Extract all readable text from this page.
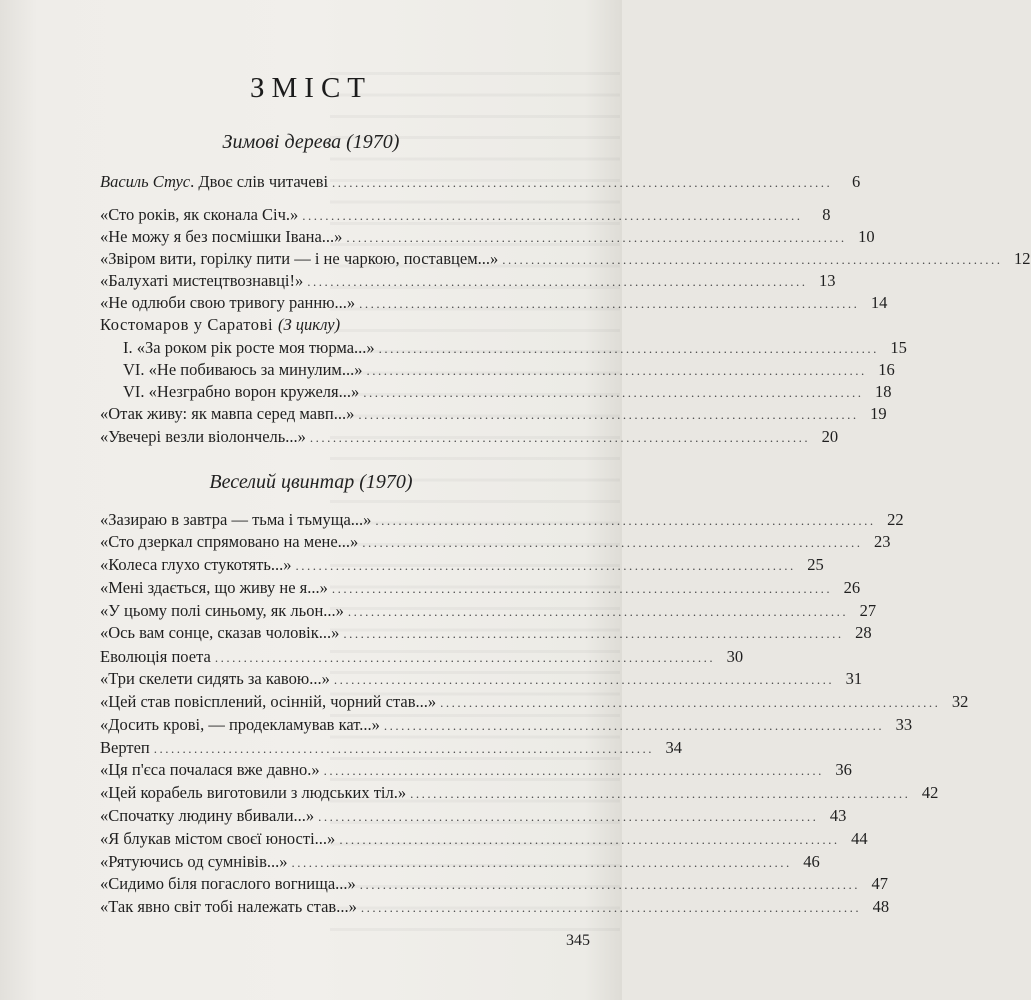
ЗМІСТ
Зимові дерева (1970)
Веселий цвинтар (1970)
Василь Стус. Двоє слів читачеві .......................................................................................	6
«Сто років, як сконала Січ.» .......................................................................................	8
«Не можу я без посмішки Івана...» ....................................................................................... 10
«Звіром вити, горілку пити — і не чаркою, поставцем...» ....................................................................................... 12
«Балухаті мистецтвознавці!» ....................................................................................... 13
«Не одлюби свою тривогу ранню...» ....................................................................................... 14
Костомаров у Саратові (З циклу)
I. «За роком рік росте моя тюрма...» ....................................................................................... 15
VI. «Не побиваюсь за минулим...» ....................................................................................... 16
VI. «Незграбно ворон кружеля...» ....................................................................................... 18
«Отак живу: як мавпа серед мавп...» ....................................................................................... 19
«Увечері везли віолончель...» ....................................................................................... 20
«Зазираю в завтра — тьма і тьмуща...» ....................................................................................... 22
«Сто дзеркал спрямовано на мене...» ....................................................................................... 23
«Колеса глухо стукотять...» ....................................................................................... 25
«Мені здається, що живу не я...» ....................................................................................... 26
«У цьому полі синьому, як льон...» ....................................................................................... 27
«Ось вам сонце, сказав чоловік...» ....................................................................................... 28
Еволюція поета ....................................................................................... 30
«Три скелети сидять за кавою...» ....................................................................................... 31
«Цей став повісплений, осінній, чорний став...» ....................................................................................... 32
«Досить крові, — продекламував кат...» ....................................................................................... 33
Вертеп ....................................................................................... 34
«Ця п'єса почалася вже давно.» ....................................................................................... 36
«Цей корабель виготовили з людських тіл.» ....................................................................................... 42
«Спочатку людину вбивали...» ....................................................................................... 43
«Я блукав містом своєї юності...» ....................................................................................... 44
«Рятуючись од сумнівів...» ....................................................................................... 46
«Сидимо біля погаслого вогнища...» ....................................................................................... 47
«Так явно світ тобі належать став...» ....................................................................................... 48
345
